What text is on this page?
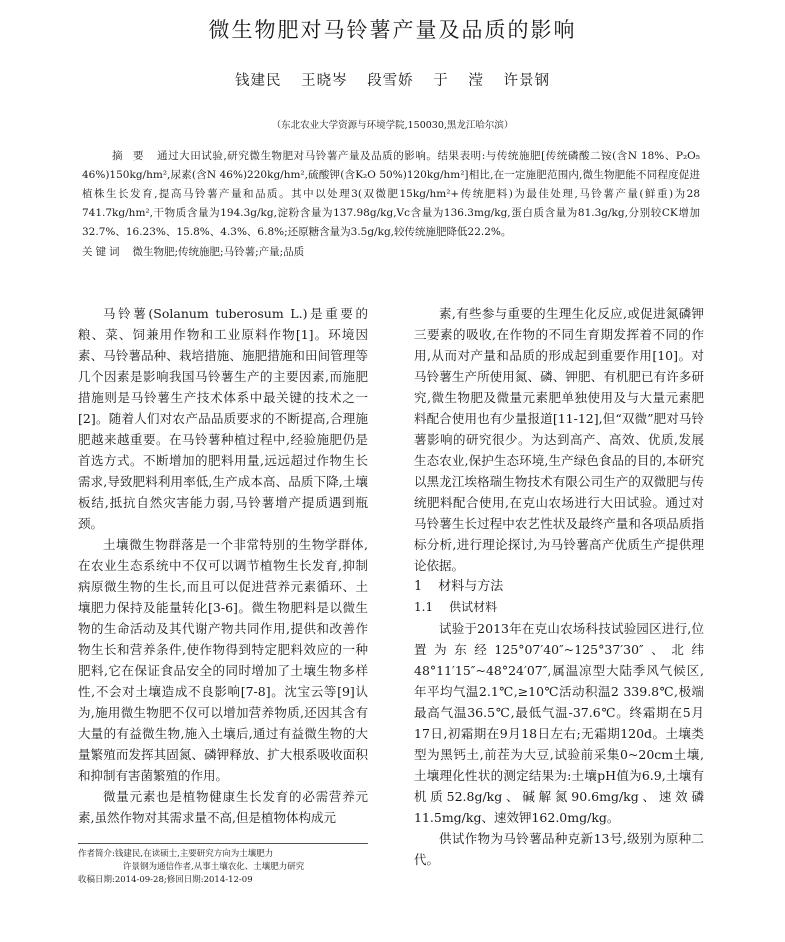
微生物肥对马铃薯产量及品质的影响
钱建民 王晓岑 段雪娇 于 滢 许景钢
（东北农业大学资源与环境学院,150030,黑龙江哈尔滨）
摘 要 通过大田试验,研究微生物肥对马铃薯产量及品质的影响。结果表明:与传统施肥[传统磷酸二铵(含N 18%、P₂O₅ 46%)150kg/hm²,尿素(含N 46%)220kg/hm²,硫酸钾(含K₂O 50%)120kg/hm²]相比,在一定施肥范围内,微生物肥能不同程度促进植株生长发育,提高马铃薯产量和品质。其中以处理3(双微肥15kg/hm²+传统肥料)为最佳处理,马铃薯产量(鲜重)为28 741.7kg/hm²,干物质含量为194.3g/kg,淀粉含量为137.98g/kg,Vc含量为136.3mg/kg,蛋白质含量为81.3g/kg,分别较CK增加32.7%、16.23%、15.8%、4.3%、6.8%;还原糖含量为3.5g/kg,较传统施肥降低22.2%。
关键词 微生物肥;传统施肥;马铃薯;产量;品质

马铃薯(Solanum tuberosum L.)是重要的粮、菜、饲兼用作物和工业原料作物[1]。环境因素、马铃薯品种、栽培措施、施肥措施和田间管理等几个因素是影响我国马铃薯生产的主要因素,而施肥措施则是马铃薯生产技术体系中最关键的技术之一[2]。随着人们对农产品品质要求的不断提高,合理施肥越来越重要。在马铃薯种植过程中,经验施肥仍是首选方式。不断增加的肥料用量,远远超过作物生长需求,导致肥料利用率低,生产成本高、品质下降,土壤板结,抵抗自然灾害能力弱,马铃薯增产提质遇到瓶颈。

土壤微生物群落是一个非常特别的生物学群体,在农业生态系统中不仅可以调节植物生长发育,抑制病原微生物的生长,而且可以促进营养元素循环、土壤肥力保持及能量转化[3-6]。微生物肥料是以微生物的生命活动及其代谢产物共同作用,提供和改善作物生长和营养条件,使作物得到特定肥料效应的一种肥料,它在保证食品安全的同时增加了土壤生物多样性,不会对土壤造成不良影响[7-8]。沈宝云等[9]认为,施用微生物肥不仅可以增加营养物质,还因其含有大量的有益微生物,施入土壤后,通过有益微生物的大量繁殖而发挥其固氮、磷钾释放、扩大根系吸收面积和抑制有害菌繁殖的作用。

微量元素也是植物健康生长发育的必需营养元素,虽然作物对其需求量不高,但是植物体构成元

素,有些参与重要的生理生化反应,或促进氮磷钾三要素的吸收,在作物的不同生育期发挥着不同的作用,从而对产量和品质的形成起到重要作用[10]。对马铃薯生产所使用氮、磷、钾肥、有机肥已有许多研究,微生物肥及微量元素肥单独使用及与大量元素肥料配合使用也有少量报道[11-12],但“双微”肥对马铃薯影响的研究很少。为达到高产、高效、优质,发展生态农业,保护生态环境,生产绿色食品的目的,本研究以黑龙江埃格瑞生物技术有限公司生产的双微肥与传统肥料配合使用,在克山农场进行大田试验。通过对马铃薯生长过程中农艺性状及最终产量和各项品质指标分析,进行理论探讨,为马铃薯高产优质生产提供理论依据。

1 材料与方法

1.1 供试材料

试验于2013年在克山农场科技试验园区进行,位置为东经125°07′40″~125°37′30″、北纬48°11′15″~48°24′07″,属温凉型大陆季风气候区,年平均气温2.1℃,≥10℃活动积温2 339.8℃,极端最高气温36.5℃,最低气温-37.6℃。终霜期在5月17日,初霜期在9月18日左右;无霜期120d。土壤类型为黑钙土,前茬为大豆,试验前采集0~20cm土壤,土壤理化性状的测定结果为:土壤pH值为6.9,土壤有机质52.8g/kg、碱解氮90.6mg/kg、速效磷11.5mg/kg、速效钾162.0mg/kg。

供试作物为马铃薯品种克新13号,级别为原种二代。

作者简介:钱建民,在读硕士,主要研究方向为土壤肥力
许景钢为通信作者,从事土壤农化、土壤肥力研究
收稿日期:2014-09-28;修回日期:2014-12-09
